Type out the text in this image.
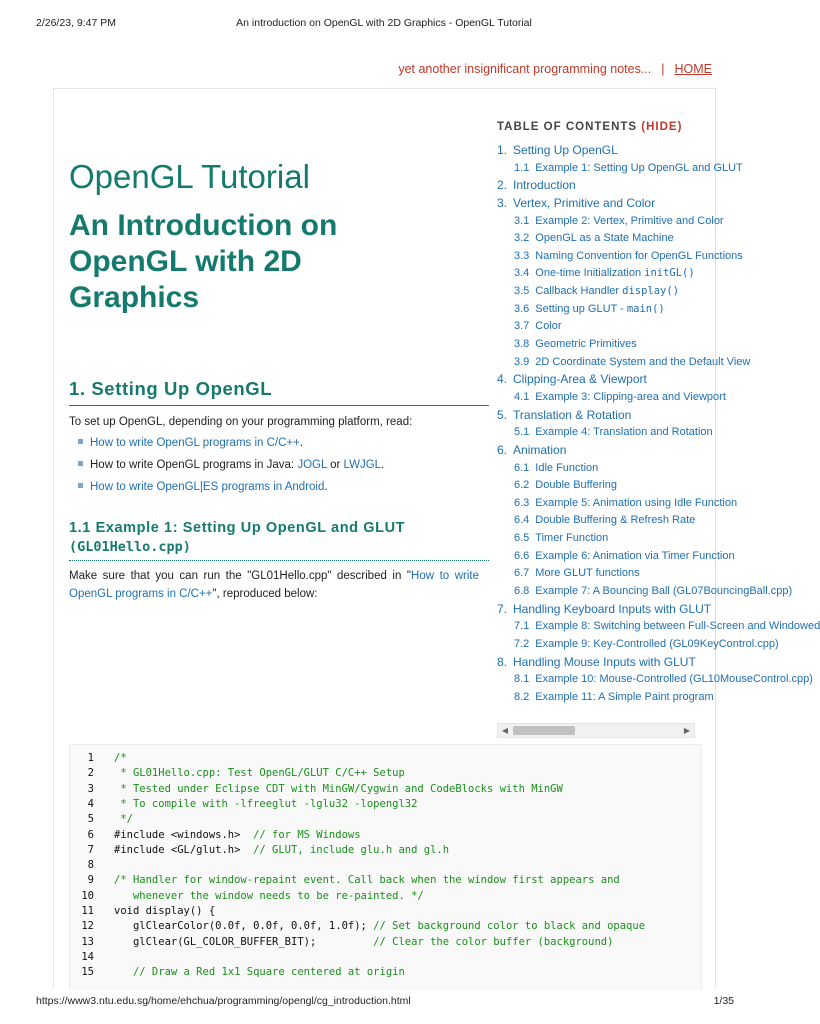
2/26/23, 9:47 PM	An introduction on OpenGL with 2D Graphics - OpenGL Tutorial
yet another insignificant programming notes... | HOME
OpenGL Tutorial
An Introduction on OpenGL with 2D Graphics
1. Setting Up OpenGL

To set up OpenGL, depending on your programming platform, read:

How to write OpenGL programs in C/C++.
How to write OpenGL programs in Java: JOGL or LWJGL.
How to write OpenGL|ES programs in Android.
1.1 Example 1: Setting Up OpenGL and GLUT
(GL01Hello.cpp)

Make sure that you can run the "GL01Hello.cpp" described in "How to write OpenGL programs in C/C++", reproduced below:

TABLE OF CONTENTS (HIDE)
1. Setting Up OpenGL
1.1 Example 1: Setting Up OpenGL and GLUT
2. Introduction
3. Vertex, Primitive and Color
3.1 Example 2: Vertex, Primitive and Color
3.2 OpenGL as a State Machine
3.3 Naming Convention for OpenGL Functions
3.4 One-time Initialization initGL()
3.5 Callback Handler display()
3.6 Setting up GLUT - main()
3.7 Color
3.8 Geometric Primitives
3.9 2D Coordinate System and the Default View
4. Clipping-Area & Viewport
4.1 Example 3: Clipping-area and Viewport
5. Translation & Rotation
5.1 Example 4: Translation and Rotation
6. Animation
6.1 Idle Function
6.2 Double Buffering
6.3 Example 5: Animation using Idle Function
6.4 Double Buffering & Refresh Rate
6.5 Timer Function
6.6 Example 6: Animation via Timer Function
6.7 More GLUT functions
6.8 Example 7: A Bouncing Ball (GL07BouncingBall.cpp)
7. Handling Keyboard Inputs with GLUT
7.1 Example 8: Switching between Full-Screen and Windowed
7.2 Example 9: Key-Controlled (GL09KeyControl.cpp)
8. Handling Mouse Inputs with GLUT
8.1 Example 10: Mouse-Controlled (GL10MouseControl.cpp)
8.2 Example 11: A Simple Paint program
◀	▶
1 /*
2 * GL01Hello.cpp: Test OpenGL/GLUT C/C++ Setup
3 * Tested under Eclipse CDT with MinGW/Cygwin and CodeBlocks with MinGW
4 * To compile with -lfreeglut -lglu32 -lopengl32
5 */
6 #include <windows.h>  // for MS Windows
7 #include <GL/glut.h>  // GLUT, include glu.h and gl.h
8
9 /* Handler for window-repaint event. Call back when the window first appears and
10 whenever the window needs to be re-painted. */
11 void display() {
12 glClearColor(0.0f, 0.0f, 0.0f, 1.0f); // Set background color to black and opaque
13 glClear(GL_COLOR_BUFFER_BIT);         // Clear the color buffer (background)
14
15	// Draw a Red 1x1 Square centered at origin
https://www3.ntu.edu.sg/home/ehchua/programming/opengl/cg_introduction.html	1/35
